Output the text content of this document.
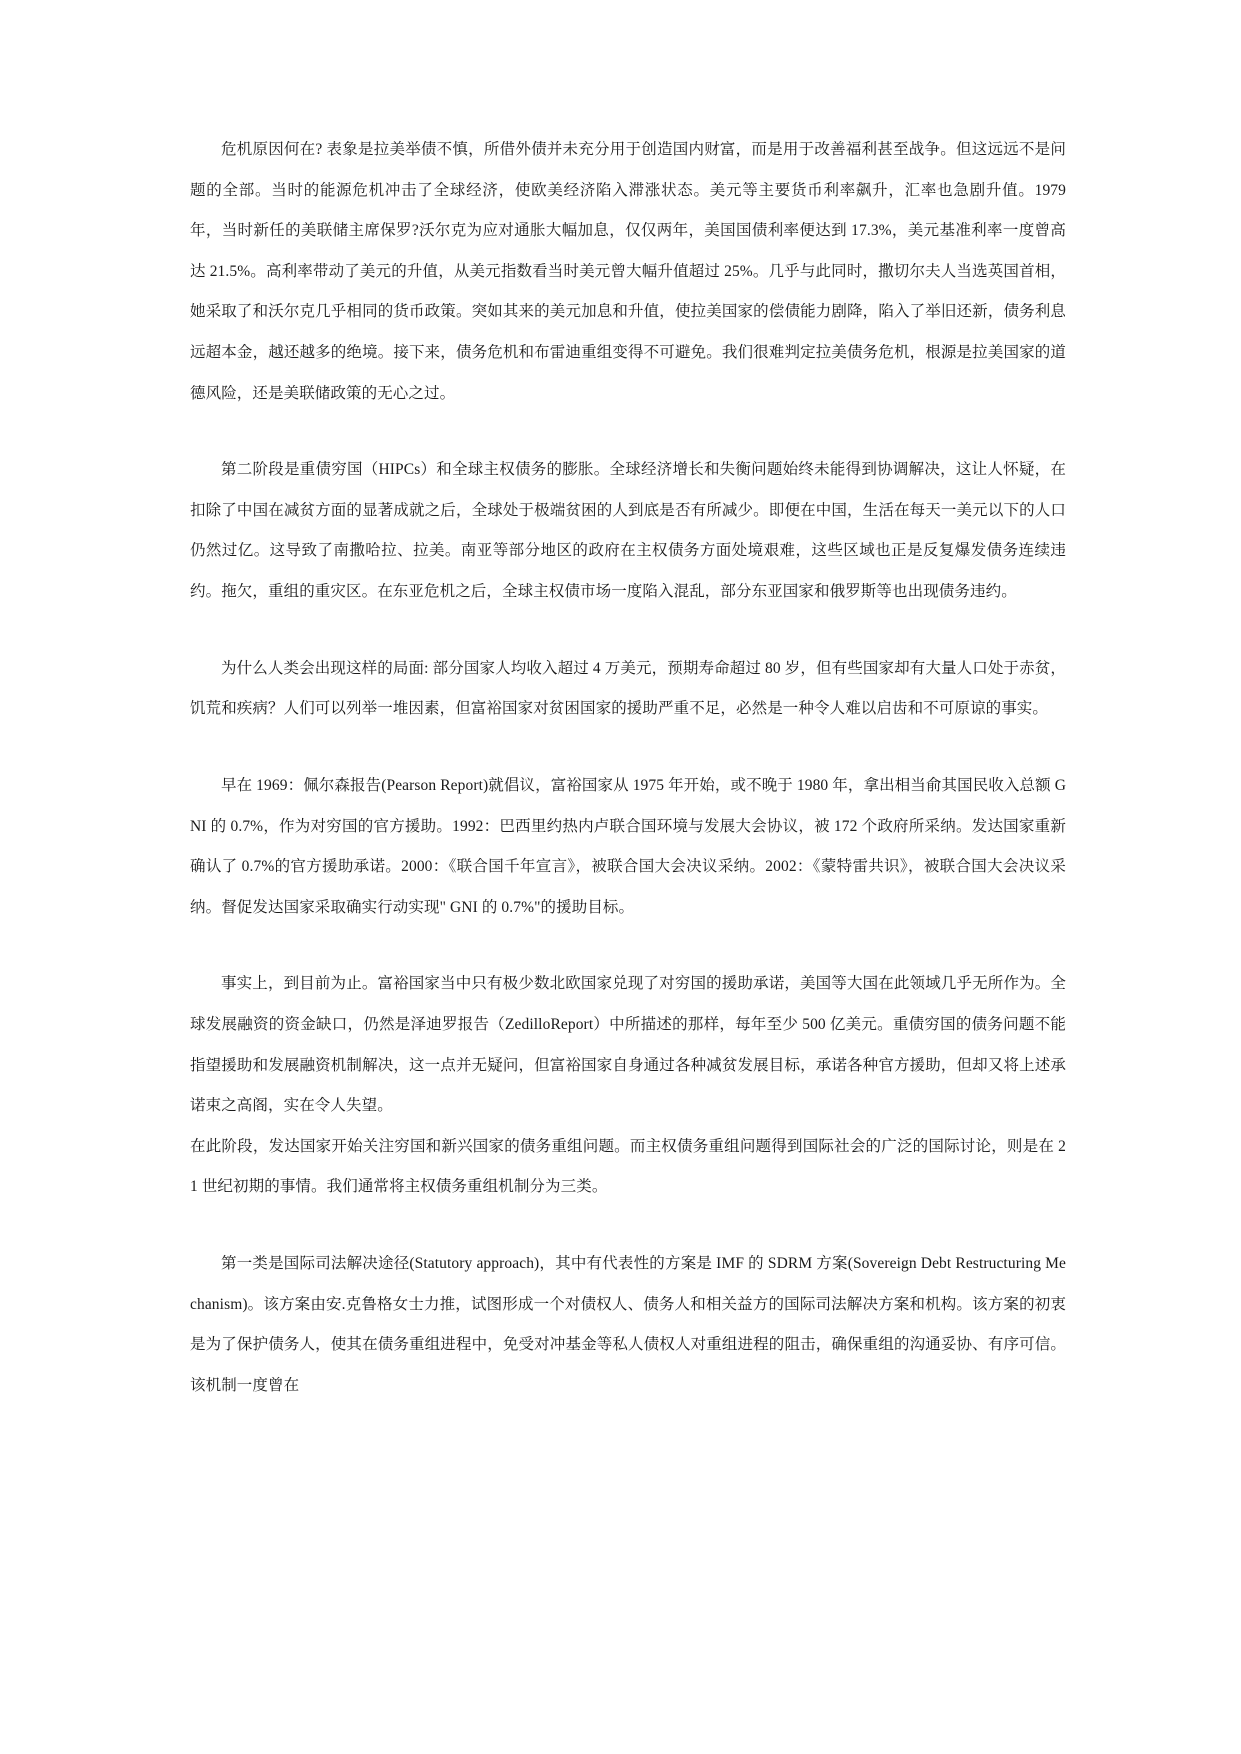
危机原因何在? 表象是拉美举债不慎，所借外债并未充分用于创造国内财富，而是用于改善福利甚至战争。但这远远不是问题的全部。当时的能源危机冲击了全球经济，使欧美经济陷入滞涨状态。美元等主要货币利率飙升，汇率也急剧升值。1979 年，当时新任的美联储主席保罗?沃尔克为应对通胀大幅加息，仅仅两年，美国国债利率便达到 17.3%，美元基准利率一度曾高达 21.5%。高利率带动了美元的升值，从美元指数看当时美元曾大幅升值超过 25%。几乎与此同时，撒切尔夫人当选英国首相，她采取了和沃尔克几乎相同的货币政策。突如其来的美元加息和升值，使拉美国家的偿债能力剧降，陷入了举旧还新，债务利息远超本金，越还越多的绝境。接下来，债务危机和布雷迪重组变得不可避免。我们很难判定拉美债务危机，根源是拉美国家的道德风险，还是美联储政策的无心之过。

第二阶段是重债穷国（HIPCs）和全球主权债务的膨胀。全球经济增长和失衡问题始终未能得到协调解决，这让人怀疑，在扣除了中国在减贫方面的显著成就之后，全球处于极端贫困的人到底是否有所减少。即便在中国，生活在每天一美元以下的人口仍然过亿。这导致了南撒哈拉、拉美。南亚等部分地区的政府在主权债务方面处境艰难，这些区域也正是反复爆发债务连续违约。拖欠，重组的重灾区。在东亚危机之后，全球主权债市场一度陷入混乱，部分东亚国家和俄罗斯等也出现债务违约。

为什么人类会出现这样的局面: 部分国家人均收入超过 4 万美元，预期寿命超过 80 岁，但有些国家却有大量人口处于赤贫，饥荒和疾病？人们可以列举一堆因素，但富裕国家对贫困国家的援助严重不足，必然是一种令人难以启齿和不可原谅的事实。

早在 1969：佩尔森报告(Pearson Report)就倡议，富裕国家从 1975 年开始，或不晚于 1980 年，拿出相当俞其国民收入总额 GNI 的 0.7%，作为对穷国的官方援助。1992：巴西里约热内卢联合国环境与发展大会协议，被 172 个政府所采纳。发达国家重新确认了 0.7%的官方援助承诺。2000：《联合国千年宣言》，被联合国大会决议采纳。2002：《蒙特雷共识》，被联合国大会决议采纳。督促发达国家采取确实行动实现" GNI 的 0.7%"的援助目标。

事实上，到目前为止。富裕国家当中只有极少数北欧国家兑现了对穷国的援助承诺，美国等大国在此领域几乎无所作为。全球发展融资的资金缺口，仍然是泽迪罗报告（ZedilloReport）中所描述的那样，每年至少 500 亿美元。重债穷国的债务问题不能指望援助和发展融资机制解决，这一点并无疑问，但富裕国家自身通过各种减贫发展目标，承诺各种官方援助，但却又将上述承诺束之高阁，实在令人失望。

在此阶段，发达国家开始关注穷国和新兴国家的债务重组问题。而主权债务重组问题得到国际社会的广泛的国际讨论，则是在 21 世纪初期的事情。我们通常将主权债务重组机制分为三类。

第一类是国际司法解决途径(Statutory approach)，其中有代表性的方案是 IMF 的 SDRM 方案(Sovereign Debt Restructuring Mechanism)。该方案由安.克鲁格女士力推，试图形成一个对债权人、债务人和相关益方的国际司法解决方案和机构。该方案的初衷是为了保护债务人，使其在债务重组进程中，免受对冲基金等私人债权人对重组进程的阻击，确保重组的沟通妥协、有序可信。该机制一度曾在
